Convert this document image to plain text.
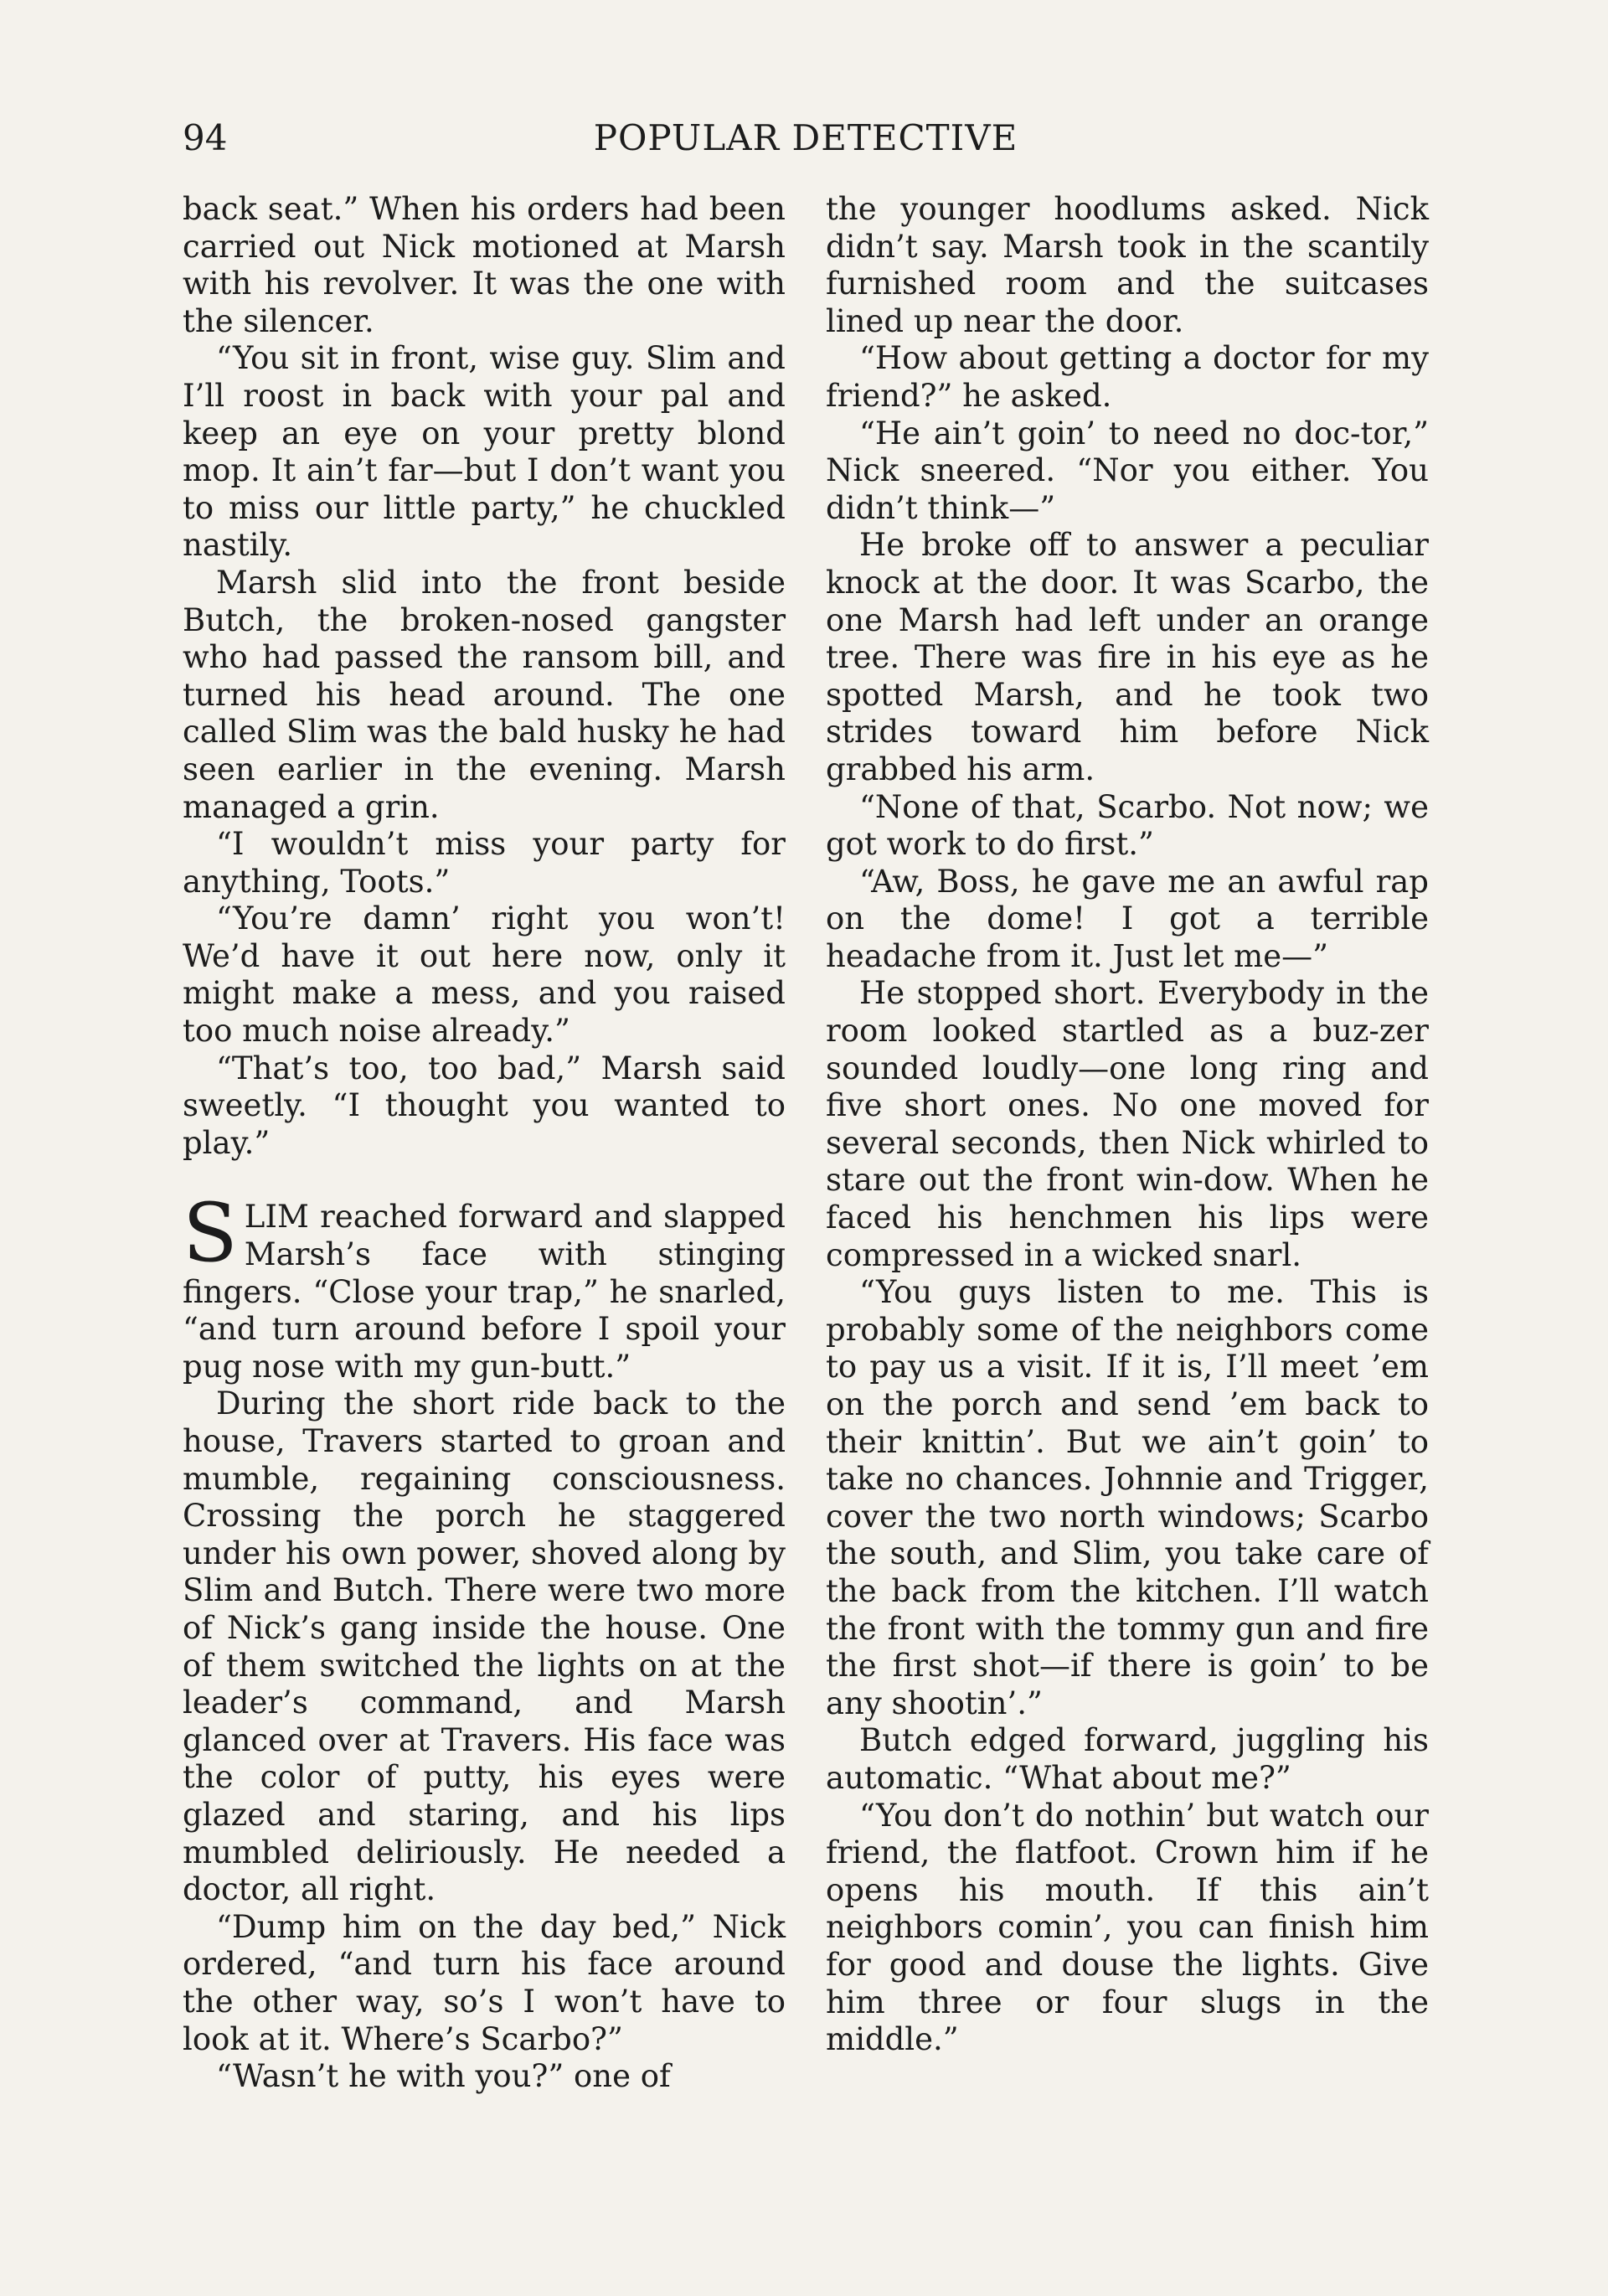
94	POPULAR DETECTIVE

back seat.” When his orders had been carried out Nick motioned at Marsh with his revolver. It was the one with the silencer.

“You sit in front, wise guy. Slim and I’ll roost in back with your pal and keep an eye on your pretty blond mop. It ain’t far—but I don’t want you to miss our little party,” he chuckled nastily.

Marsh slid into the front beside Butch, the broken-nosed gangster who had passed the ransom bill, and turned his head around. The one called Slim was the bald husky he had seen earlier in the evening. Marsh managed a grin.

“I wouldn’t miss your party for anything, Toots.”

“You’re damn’ right you won’t! We’d have it out here now, only it might make a mess, and you raised too much noise already.”

“That’s too, too bad,” Marsh said sweetly. “I thought you wanted to play.”

SLIM reached forward and slapped Marsh’s face with stinging fingers. “Close your trap,” he snarled, “and turn around before I spoil your pug nose with my gun-butt.”

During the short ride back to the house, Travers started to groan and mumble, regaining consciousness. Crossing the porch he staggered under his own power, shoved along by Slim and Butch. There were two more of Nick’s gang inside the house. One of them switched the lights on at the leader’s command, and Marsh glanced over at Travers. His face was the color of putty, his eyes were glazed and staring, and his lips mumbled deliriously. He needed a doctor, all right.

“Dump him on the day bed,” Nick ordered, “and turn his face around the other way, so’s I won’t have to look at it. Where’s Scarbo?”

“Wasn’t he with you?” one of

the younger hoodlums asked. Nick didn’t say. Marsh took in the scantily furnished room and the suitcases lined up near the door.

“How about getting a doctor for my friend?” he asked.

“He ain’t goin’ to need no doc-tor,” Nick sneered. “Nor you either. You didn’t think—”

He broke off to answer a peculiar knock at the door. It was Scarbo, the one Marsh had left under an orange tree. There was fire in his eye as he spotted Marsh, and he took two strides toward him before Nick grabbed his arm.

“None of that, Scarbo. Not now; we got work to do first.”

“Aw, Boss, he gave me an awful rap on the dome! I got a terrible headache from it. Just let me—”

He stopped short. Everybody in the room looked startled as a buz-zer sounded loudly—one long ring and five short ones. No one moved for several seconds, then Nick whirled to stare out the front win-dow. When he faced his henchmen his lips were compressed in a wicked snarl.

“You guys listen to me. This is probably some of the neighbors come to pay us a visit. If it is, I’ll meet ’em on the porch and send ’em back to their knittin’. But we ain’t goin’ to take no chances. Johnnie and Trigger, cover the two north windows; Scarbo the south, and Slim, you take care of the back from the kitchen. I’ll watch the front with the tommy gun and fire the first shot—if there is goin’ to be any shootin’.”

Butch edged forward, juggling his automatic. “What about me?”

“You don’t do nothin’ but watch our friend, the flatfoot. Crown him if he opens his mouth. If this ain’t neighbors comin’, you can finish him for good and douse the lights. Give him three or four slugs in the middle.”
